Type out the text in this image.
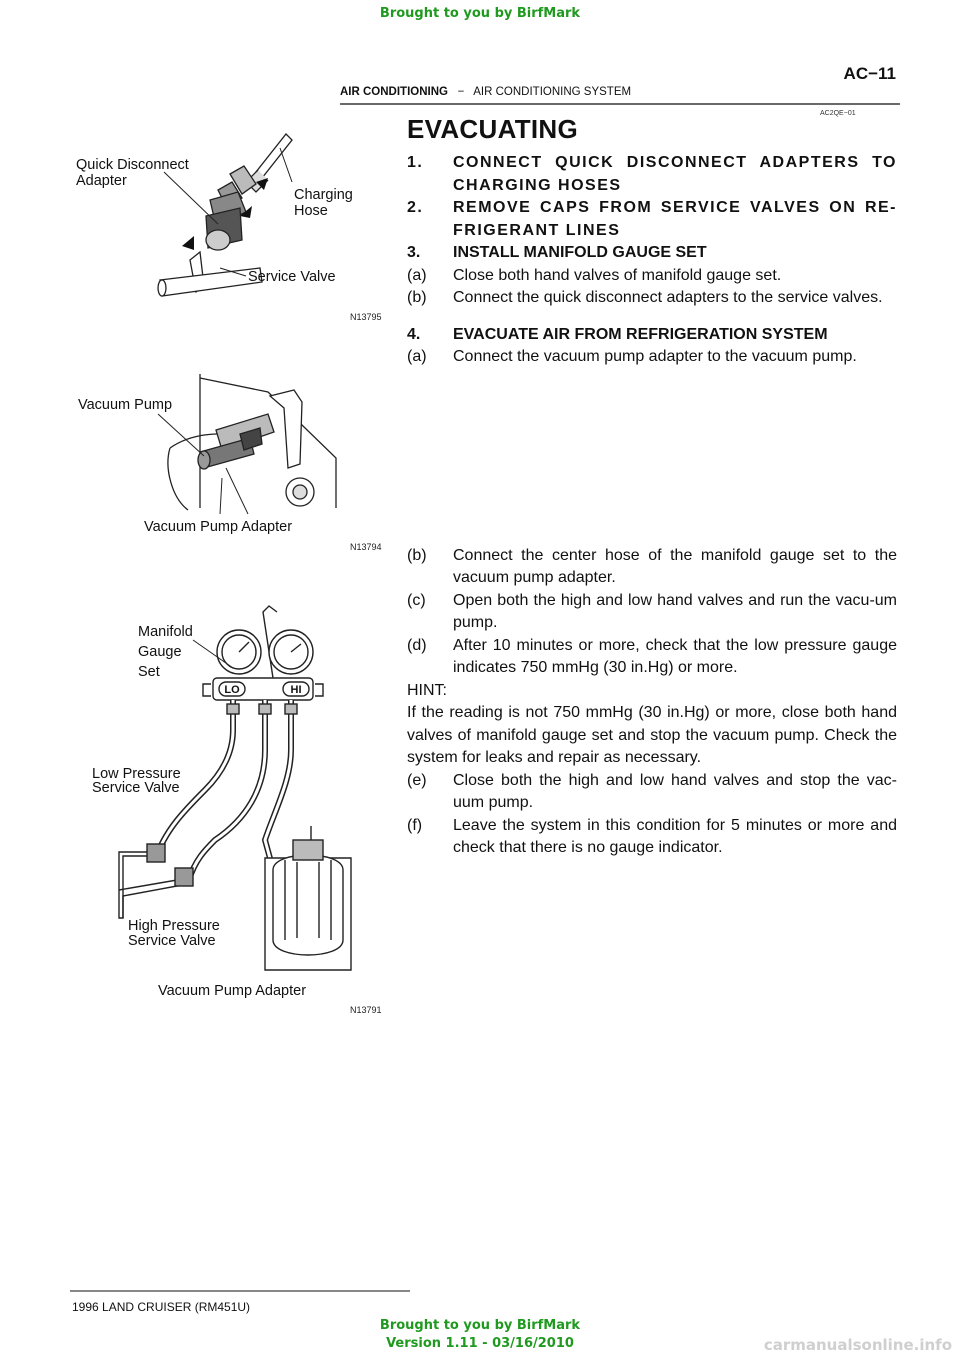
Brought to you by BirfMark
AC−11
AIR CONDITIONING − AIR CONDITIONING SYSTEM
AC2QE−01
EVACUATING
1.	CONNECT QUICK DISCONNECT ADAPTERS TO CHARGING HOSES
2.	REMOVE CAPS FROM SERVICE VALVES ON RE-FRIGERANT LINES
3.	INSTALL MANIFOLD GAUGE SET
(a)	Close both hand valves of manifold gauge set.
(b)	Connect the quick disconnect adapters to the service valves.
4.	EVACUATE AIR FROM REFRIGERATION SYSTEM
(a)	Connect the vacuum pump adapter to the vacuum pump.
(b)	Connect the center hose of the manifold gauge set to the vacuum pump adapter.
(c)	Open both the high and low hand valves and run the vacu-um pump.
(d)	After 10 minutes or more, check that the low pressure gauge indicates 750 mmHg (30 in.Hg) or more.
HINT:
If the reading is not 750 mmHg (30 in.Hg) or more, close both hand valves of manifold gauge set and stop the vacuum pump. Check the system for leaks and repair as necessary.
(e)	Close both the high and low hand valves and stop the vac-uum pump.
(f)	Leave the system in this condition for 5 minutes or more and check that there is no gauge indicator.
Quick Disconnect
Adapter
Charging
Hose
Service Valve
N13795
Vacuum Pump
Vacuum Pump Adapter
N13794
LO	HI
Manifold
Gauge
Set
Low Pressure
Service Valve
High Pressure
Service Valve
Vacuum Pump Adapter
N13791
1996 LAND CRUISER (RM451U)
Brought to you by BirfMark
Version 1.11 - 03/16/2010	carmanualsonline.info
